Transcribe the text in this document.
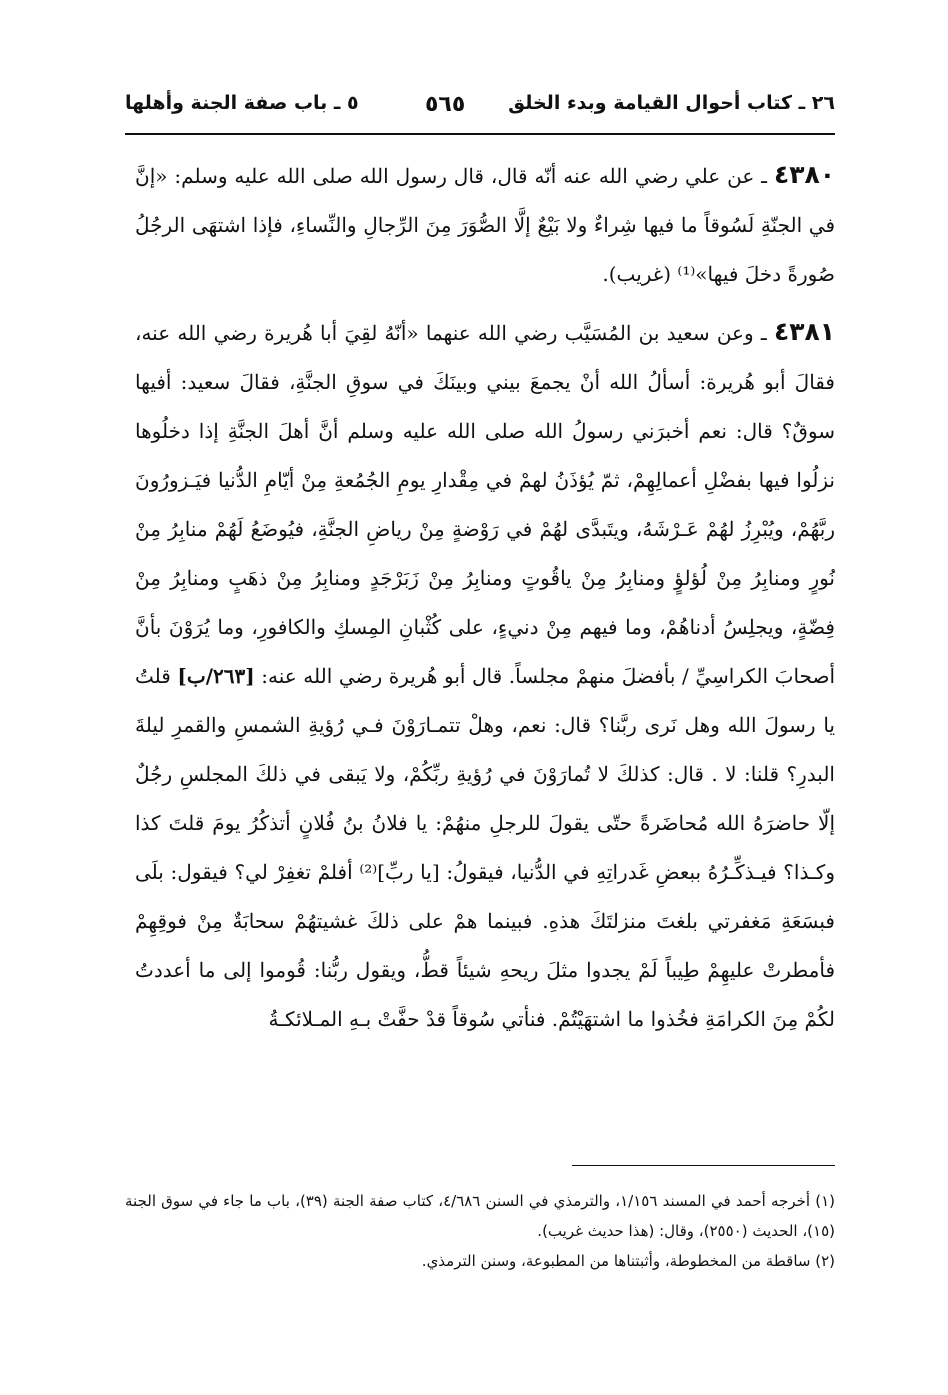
٢٦ ـ كتاب أحوال القيامة وبدء الخلق
٥٦٥
٥ ـ باب صفة الجنة وأهلها

٤٣٨٠ ـ عن علي رضي الله عنه أنّه قال، قال رسول الله صلى الله عليه وسلم: «إنَّ في الجنّةِ لَسُوقاً ما فيها شِراءٌ ولا بَيْعٌ إلَّا الصُّوَرَ مِنَ الرِّجالِ والنِّساءِ، فإذا اشتهَى الرجُلُ صُورةً دخلَ فيها»⁽¹⁾ (غريب).

٤٣٨١ ـ وعن سعيد بن المُسَيَّب رضي الله عنهما «أنّهُ لقِيَ أبا هُريرة رضي الله عنه، فقالَ أبو هُريرة: أسألُ الله أنْ يجمعَ بيني وبينَكَ في سوقِ الجنَّةِ، فقالَ سعيد: أفيها سوقٌ؟ قال: نعم أخبرَني رسولُ الله صلى الله عليه وسلم أنَّ أهلَ الجنَّةِ إذا دخلُوها نزلُوا فيها بفضْلِ أعمالِهِمْ، ثمّ يُؤذَنُ لهمْ في مِقْدارِ يومِ الجُمُعةِ مِنْ أيّامِ الدُّنيا فيَـزورُونَ ربَّهُمْ، ويُبْرِزُ لهُمْ عَـرْشَهُ، ويتَبدَّى لهُمْ في رَوْضةٍ مِنْ رياضِ الجنَّةِ، فيُوضَعُ لَهُمْ منابِرُ مِنْ نُورٍ ومنابِرُ مِنْ لُؤلؤٍ ومنابِرُ مِنْ ياقُوتٍ ومنابِرُ مِنْ زَبَرْجَدٍ ومنابِرُ مِنْ ذهَبٍ ومنابِرُ مِنْ فِضّةٍ، ويجلِسُ أدناهُمْ، وما فيهم مِنْ دنيءٍ، على كُثْبانِ المِسكِ والكافورِ، وما يُرَوْنَ بأنَّ أصحابَ الكراسِيِّ / بأفضلَ منهمْ مجلساً. قال أبو هُريرة رضي الله عنه: [٢٦٣/ب] قلتُ يا رسولَ الله وهل نَرى ربَّنا؟ قال: نعم، وهلْ تتمـارَوْنَ فـي رُؤيةِ الشمسِ والقمرِ ليلةَ البدرِ؟ قلنا: لا . قال: كذلكَ لا تُمارَوْنَ في رُؤيةِ ربِّكُمْ، ولا يَبقى في ذلكَ المجلسِ رجُلٌ إلّا حاضرَهُ الله مُحاضَرةً حتّى يقولَ للرجلِ منهُمْ: يا فلانُ بنُ فُلانٍ أتذكُرُ يومَ قلتَ كذا وكـذا؟ فيـذكِّـرُهُ ببعضِ غَدراتِهِ في الدُّنيا، فيقولُ: [يا ربِّ]⁽²⁾ أفلمْ تغفِرْ لي؟ فيقول: بلَى فبسَعَةِ مَغفرتي بلغتَ منزلتَكَ هذهِ. فبينما همْ على ذلكَ غشيتهُمْ سحابَةٌ مِنْ فوقِهِمْ فأمطرتْ عليهِمْ طِيباً لَمْ يجدوا مثلَ ريحهِ شيئاً قطُّ، ويقول ربُّنا: قُوموا إلى ما أعددتُ لكُمْ مِنَ الكرامَةِ فخُذوا ما اشتهَيْتُمْ. فنأتي سُوقاً قدْ حفَّتْ بـهِ المـلائكـةُ

(١) أخرجه أحمد في المسند ١/١٥٦، والترمذي في السنن ٤/٦٨٦، كتاب صفة الجنة (٣٩)، باب ما جاء في سوق الجنة (١٥)، الحديث (٢٥٥٠)، وقال: (هذا حديث غريب).

(٢) ساقطة من المخطوطة، وأثبتناها من المطبوعة، وسنن الترمذي.
